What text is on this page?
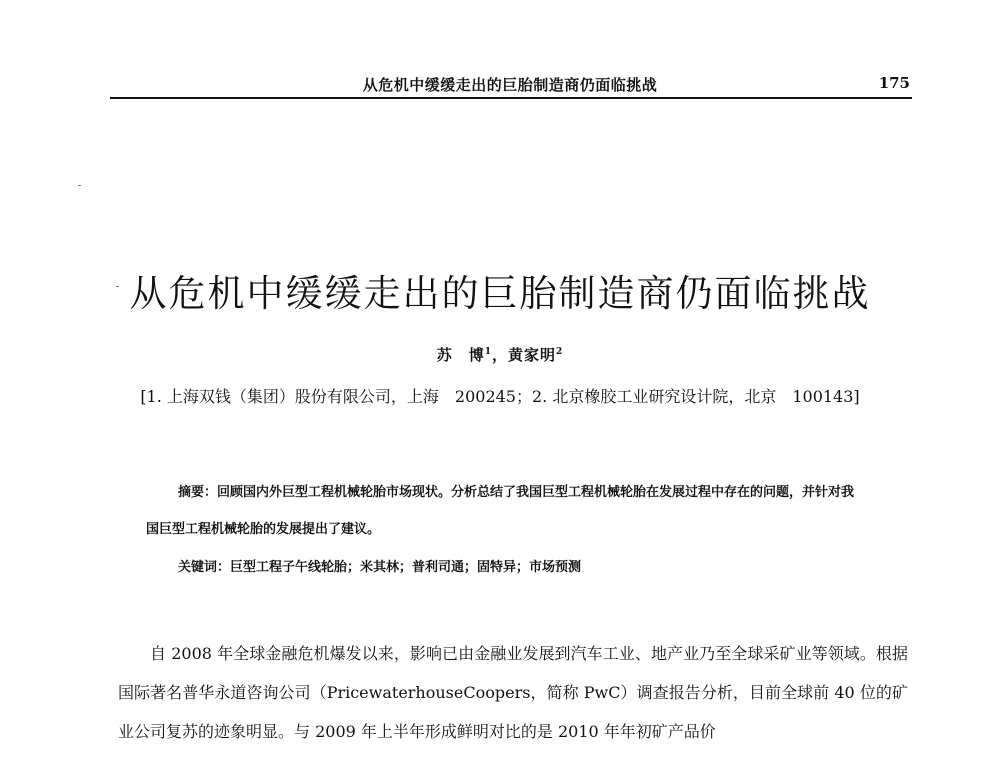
从危机中缓缓走出的巨胎制造商仍面临挑战	175
从危机中缓缓走出的巨胎制造商仍面临挑战
苏　博$^1$，黄家明$^2$
[1. 上海双钱（集团）股份有限公司，上海　200245；2. 北京橡胶工业研究设计院，北京　100143]

摘要：回顾国内外巨型工程机械轮胎市场现状。分析总结了我国巨型工程机械轮胎在发展过程中存在的问题，并针对我国巨型工程机械轮胎的发展提出了建议。

关键词：巨型工程子午线轮胎；米其林；普利司通；固特异；市场预测

自 2008 年全球金融危机爆发以来，影响已由金融业发展到汽车工业、地产业乃至全球采矿业等领域。根据国际著名普华永道咨询公司（PricewaterhouseCoopers，简称 PwC）调查报告分析，目前全球前 40 位的矿业公司复苏的迹象明显。与 2009 年上半年形成鲜明对比的是 2010 年年初矿产品价
